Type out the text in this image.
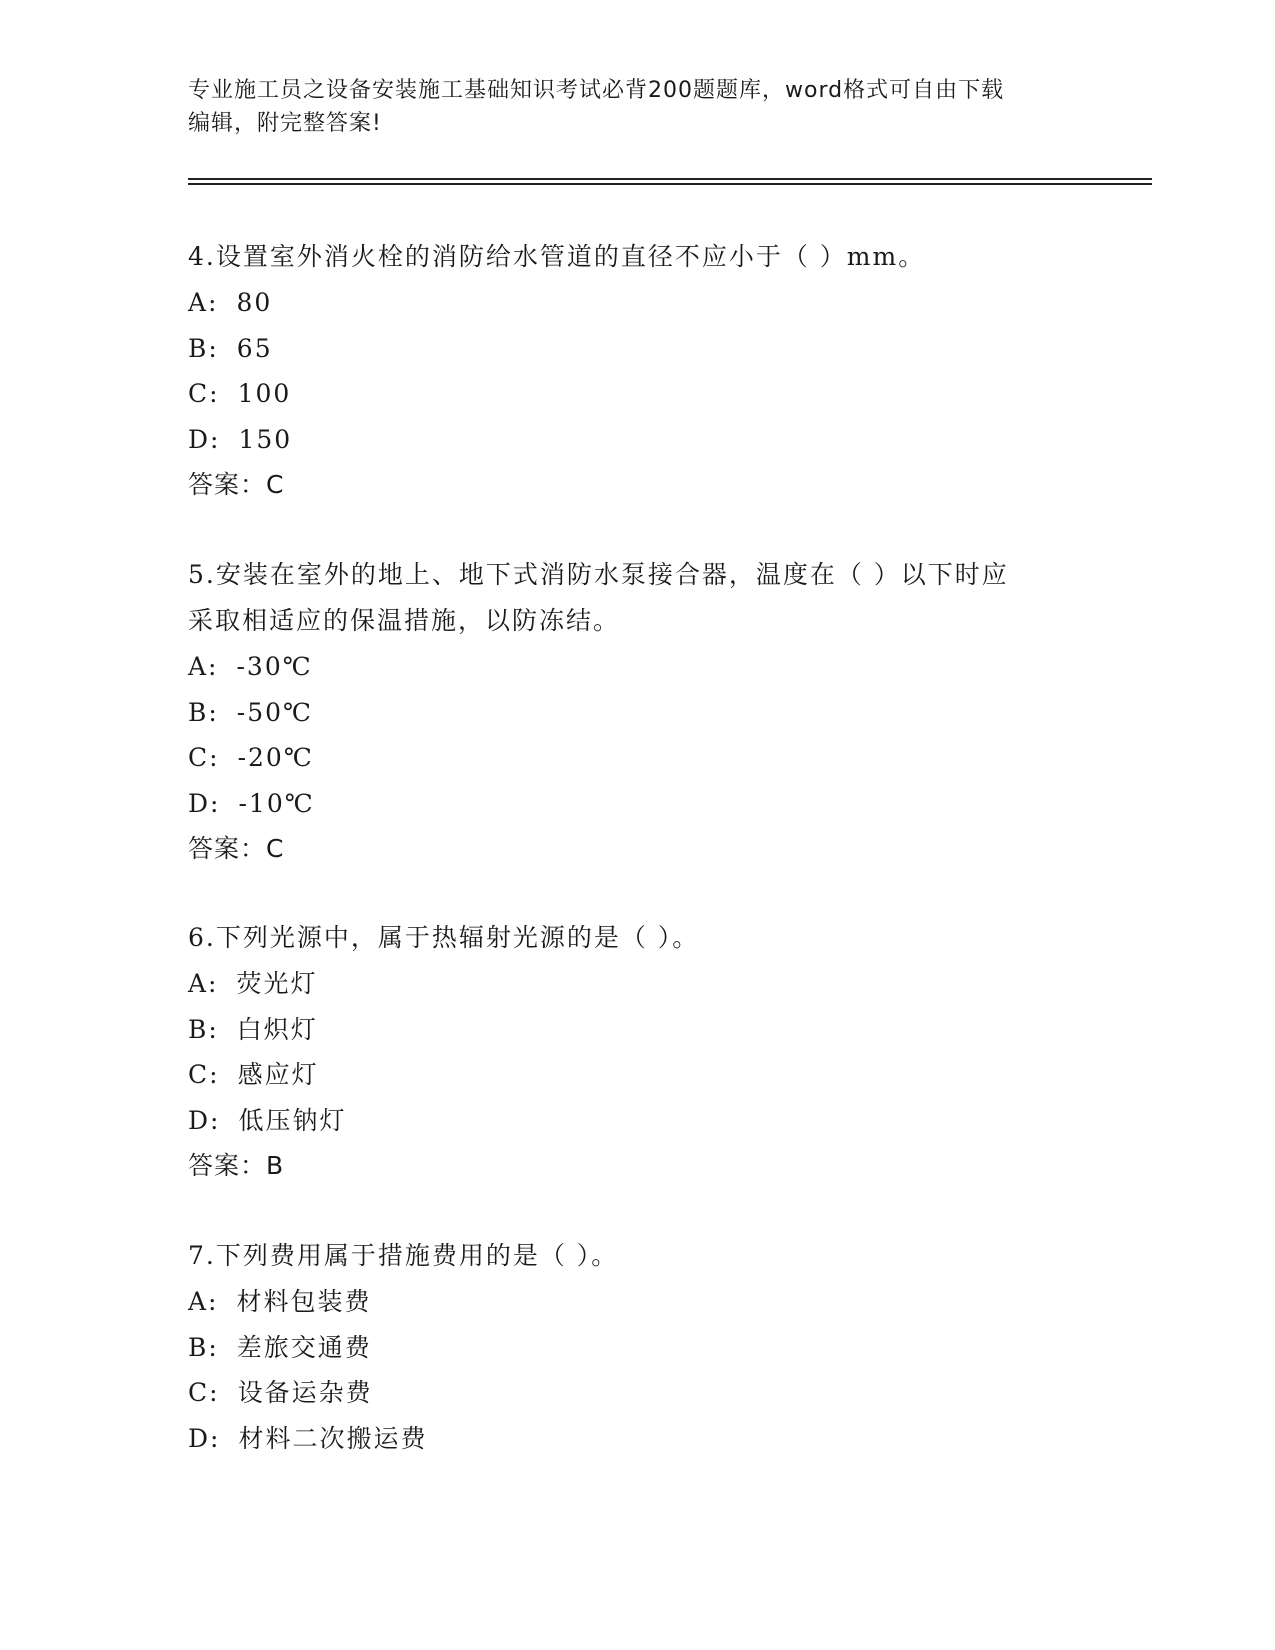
专业施工员之设备安装施工基础知识考试必背200题题库，word格式可自由下载
编辑，附完整答案!

4.设置室外消火栓的消防给水管道的直径不应小于（ ）mm。

A: 80

B: 65

C: 100

D: 150

答案：C

5.安装在室外的地上、地下式消防水泵接合器，温度在（ ）以下时应

采取相适应的保温措施，以防冻结。

A: -30℃

B: -50℃

C: -20℃

D: -10℃

答案：C

6.下列光源中，属于热辐射光源的是（ ）。

A: 荧光灯

B: 白炽灯

C: 感应灯

D: 低压钠灯

答案：B

7.下列费用属于措施费用的是（ ）。

A: 材料包装费

B: 差旅交通费

C: 设备运杂费

D: 材料二次搬运费
